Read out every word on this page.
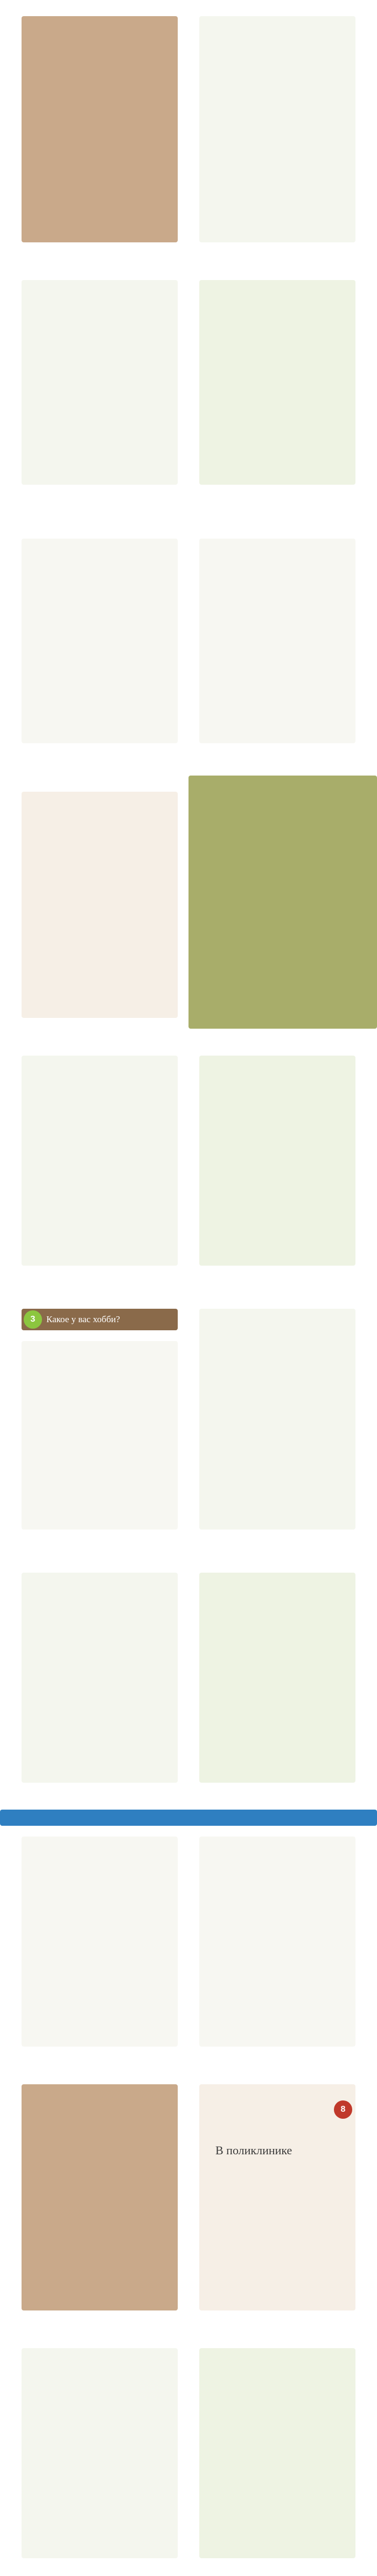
3	Какое у вас хобби?
8
В поликлинике
